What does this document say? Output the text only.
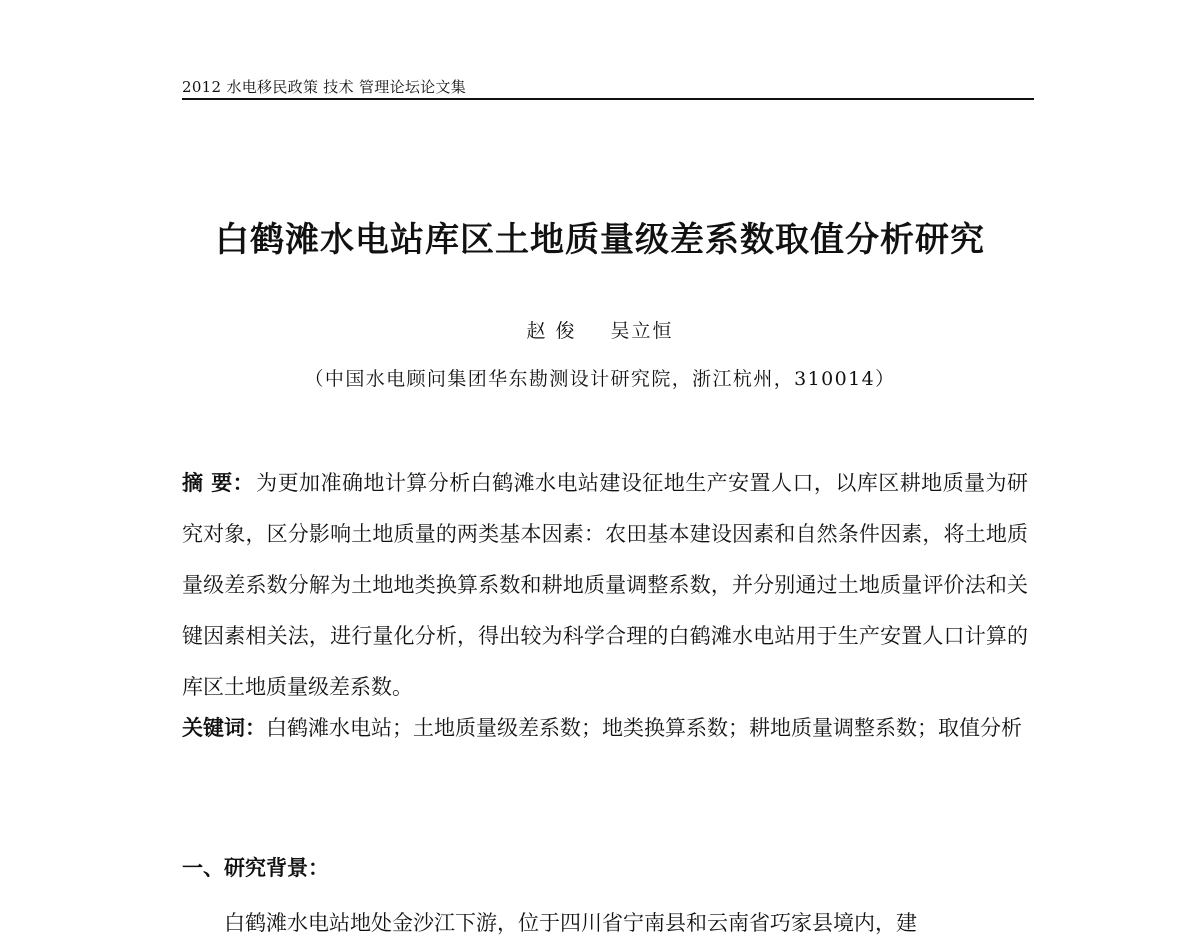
2012 水电移民政策 技术 管理论坛论文集
白鹤滩水电站库区土地质量级差系数取值分析研究
赵 俊 吴立恒
（中国水电顾问集团华东勘测设计研究院，浙江杭州，310014）
摘 要：为更加准确地计算分析白鹤滩水电站建设征地生产安置人口，以库区耕地质量为研究对象，区分影响土地质量的两类基本因素：农田基本建设因素和自然条件因素，将土地质量级差系数分解为土地地类换算系数和耕地质量调整系数，并分别通过土地质量评价法和关键因素相关法，进行量化分析，得出较为科学合理的白鹤滩水电站用于生产安置人口计算的库区土地质量级差系数。
关键词：白鹤滩水电站；土地质量级差系数；地类换算系数；耕地质量调整系数；取值分析
一、研究背景：
白鹤滩水电站地处金沙江下游，位于四川省宁南县和云南省巧家县境内，建
